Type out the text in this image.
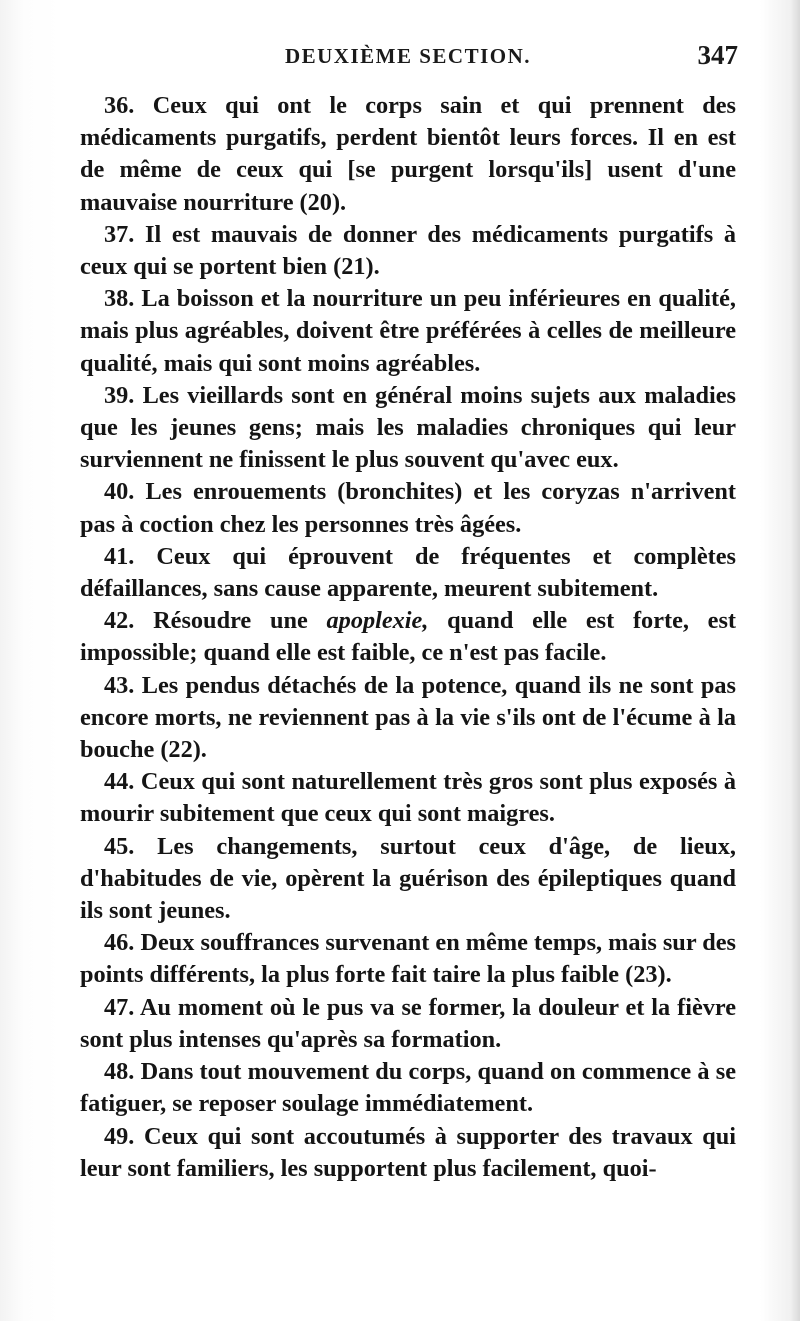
DEUXIÈME SECTION.	347

36. Ceux qui ont le corps sain et qui prennent des médicaments purgatifs, perdent bientôt leurs forces. Il en est de même de ceux qui [se purgent lorsqu'ils] usent d'une mauvaise nourriture (20).

37. Il est mauvais de donner des médicaments purgatifs à ceux qui se portent bien (21).

38. La boisson et la nourriture un peu inférieures en qualité, mais plus agréables, doivent être préférées à celles de meilleure qualité, mais qui sont moins agréables.

39. Les vieillards sont en général moins sujets aux maladies que les jeunes gens; mais les maladies chroniques qui leur surviennent ne finissent le plus souvent qu'avec eux.

40. Les enrouements (bronchites) et les coryzas n'arrivent pas à coction chez les personnes très âgées.

41. Ceux qui éprouvent de fréquentes et complètes défaillances, sans cause apparente, meurent subitement.

42. Résoudre une apoplexie, quand elle est forte, est impossible; quand elle est faible, ce n'est pas facile.

43. Les pendus détachés de la potence, quand ils ne sont pas encore morts, ne reviennent pas à la vie s'ils ont de l'écume à la bouche (22).

44. Ceux qui sont naturellement très gros sont plus exposés à mourir subitement que ceux qui sont maigres.

45. Les changements, surtout ceux d'âge, de lieux, d'habitudes de vie, opèrent la guérison des épileptiques quand ils sont jeunes.

46. Deux souffrances survenant en même temps, mais sur des points différents, la plus forte fait taire la plus faible (23).

47. Au moment où le pus va se former, la douleur et la fièvre sont plus intenses qu'après sa formation.

48. Dans tout mouvement du corps, quand on commence à se fatiguer, se reposer soulage immédiatement.

49. Ceux qui sont accoutumés à supporter des travaux qui leur sont familiers, les supportent plus facilement, quoi-
